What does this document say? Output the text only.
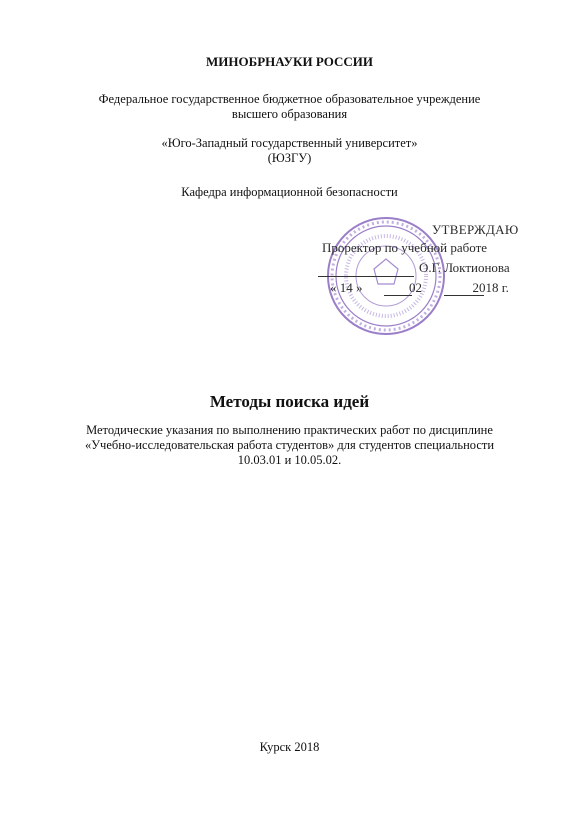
МИНОБРНАУКИ РОССИИ
Федеральное государственное бюджетное образовательное учреждение
высшего образования
«Юго-Западный государственный университет»
(ЮЗГУ)
Кафедра информационной безопасности
УТВЕРЖДАЮ
Проректор по учебной работе
О.Г. Локтионова
« 14 »	02	2018 г.
Методы поиска идей
Методические указания по выполнению практических работ по дисциплине
«Учебно-исследовательская работа студентов» для студентов специальности
10.03.01 и 10.05.02.
Курск 2018
